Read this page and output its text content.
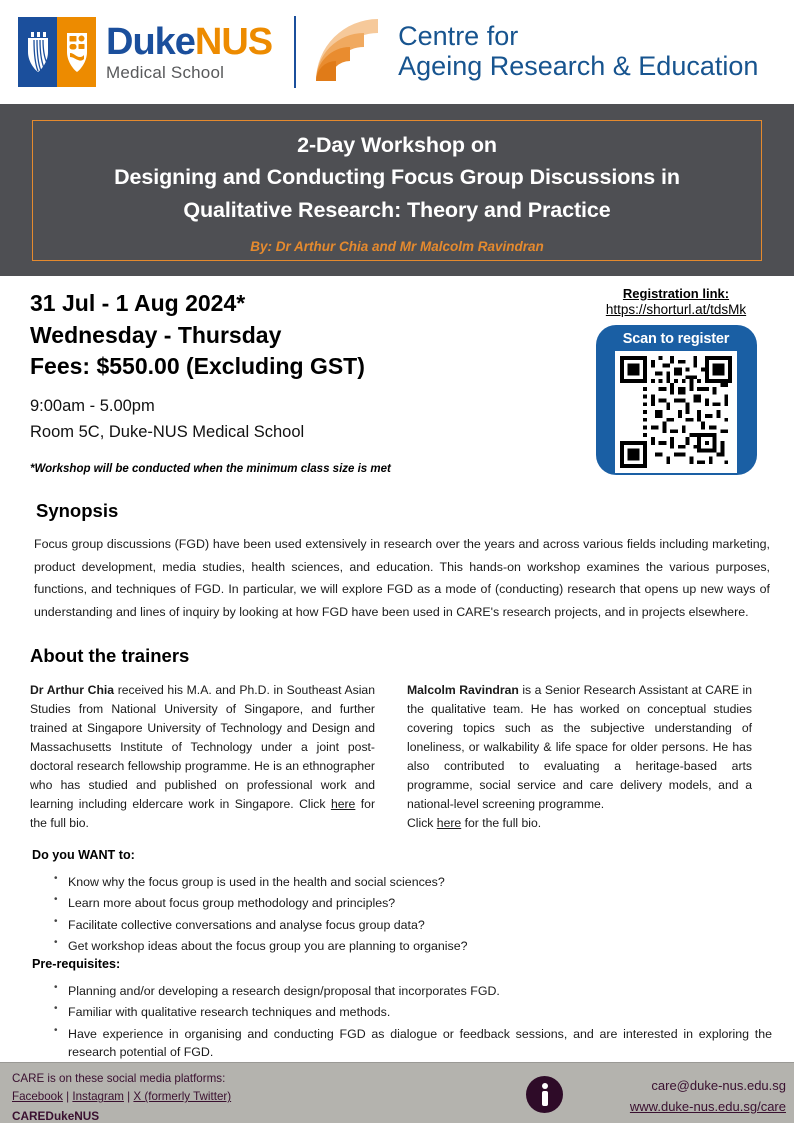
DukeNUS
Medical School
Centre for
Ageing Research & Education
2-Day Workshop on
Designing and Conducting Focus Group Discussions in
Qualitative Research: Theory and Practice
By: Dr Arthur Chia and Mr Malcolm Ravindran
31 Jul - 1 Aug 2024*
Wednesday - Thursday
Fees: $550.00 (Excluding GST)
9:00am - 5.00pm
Room 5C, Duke-NUS Medical School
*Workshop will be conducted when the minimum class size is met
Registration link:
https://shorturl.at/tdsMk
Scan to register
Synopsis

Focus group discussions (FGD) have been used extensively in research over the years and across various fields including marketing, product development, media studies, health sciences, and education. This hands-on workshop examines the various purposes, functions, and techniques of FGD. In particular, we will explore FGD as a mode of (conducting) research that opens up new ways of understanding and lines of inquiry by looking at how FGD have been used in CARE's research projects, and in projects elsewhere.

About the trainers

Dr Arthur Chia received his M.A. and Ph.D. in Southeast Asian Studies from National University of Singapore, and further trained at Singapore University of Technology and Design and Massachusetts Institute of Technology under a joint post-doctoral research fellowship programme. He is an ethnographer who has studied and published on professional work and learning including eldercare work in Singapore. Click here for the full bio.

Malcolm Ravindran is a Senior Research Assistant at CARE in the qualitative team. He has worked on conceptual studies covering topics such as the subjective understanding of loneliness, or walkability & life space for older persons. He has also contributed to evaluating a heritage-based arts programme, social service and care delivery models, and a national-level screening programme.

Click here for the full bio.

Do you WANT to:
• Know why the focus group is used in the health and social sciences?
• Learn more about focus group methodology and principles?
• Facilitate collective conversations and analyse focus group data?
• Get workshop ideas about the focus group you are planning to organise?
Pre-requisites:
• Planning and/or developing a research design/proposal that incorporates FGD.
• Familiar with qualitative research techniques and methods.
• Have experience in organising and conducting FGD as dialogue or feedback sessions, and are interested in exploring the research potential of FGD.
CARE is on these social media platforms:
Facebook | Instagram | X (formerly Twitter)
CAREDukeNUS
care@duke-nus.edu.sg
www.duke-nus.edu.sg/care
